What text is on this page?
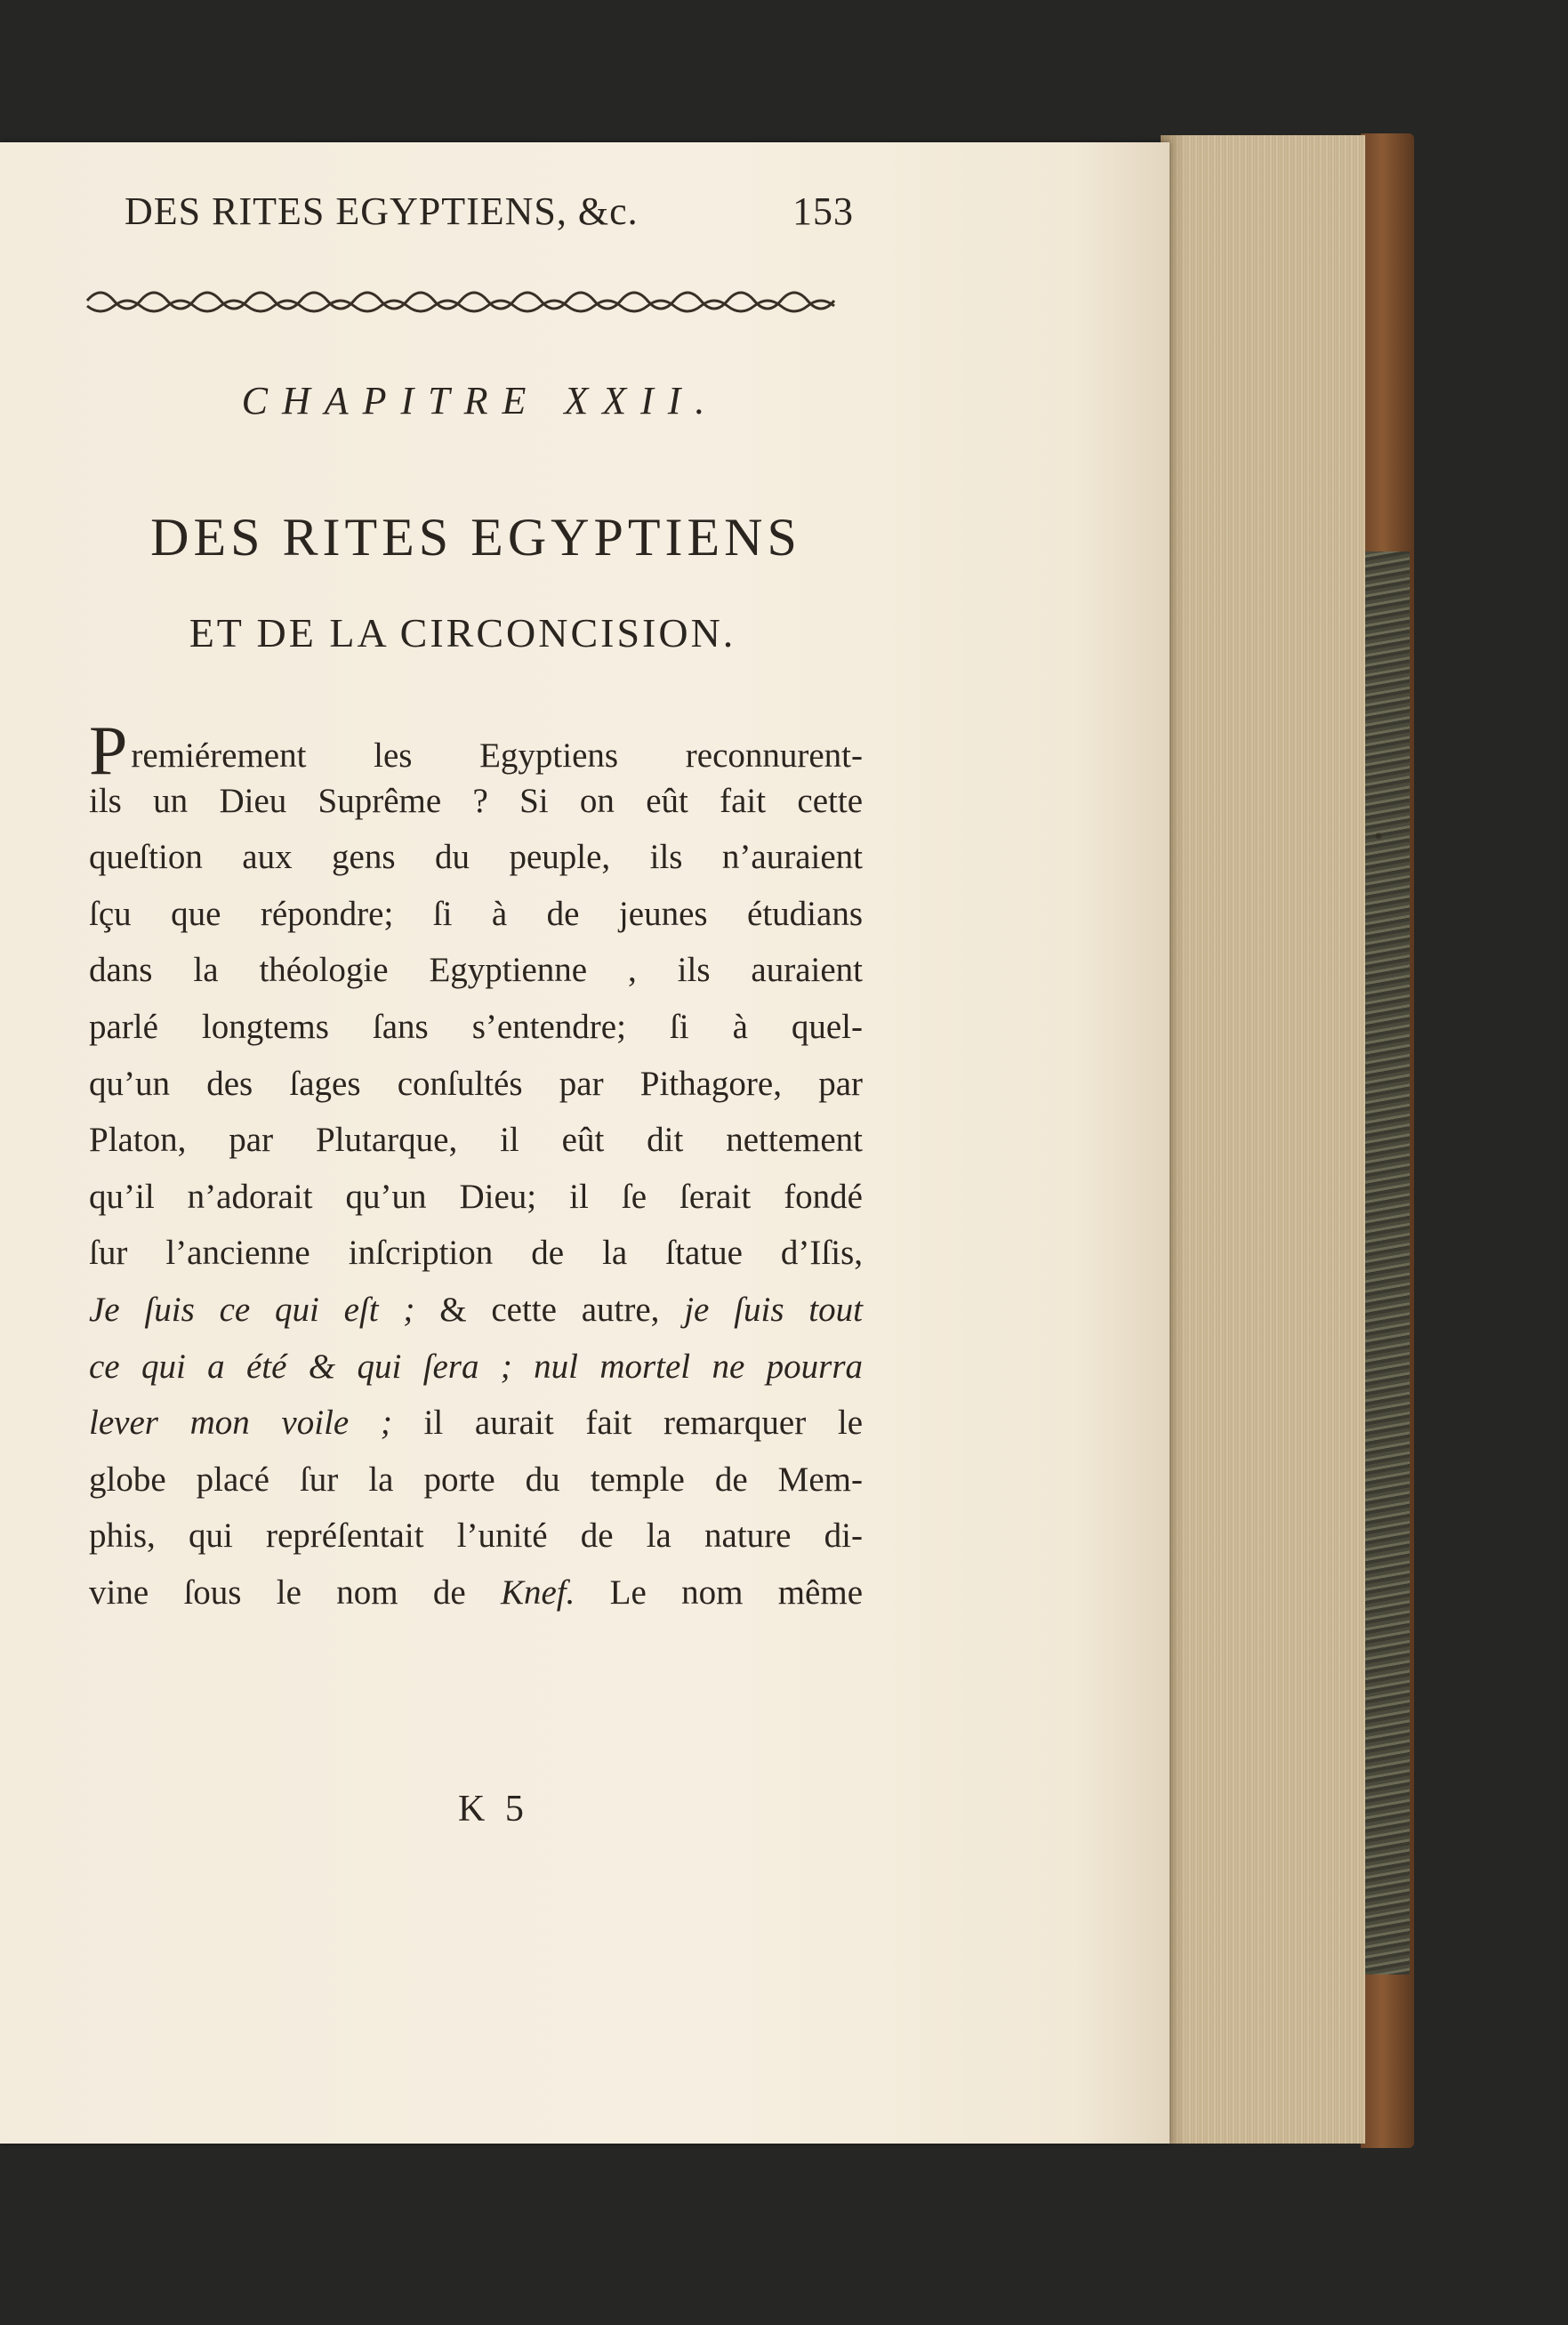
DES RITES EGYPTIENS, &c.	153
CHAPITRE XXII.
DES RITES EGYPTIENS
ET DE LA CIRCONCISION.
Premiérement les Egyptiens reconnurent-
ils un Dieu Suprême ? Si on eût fait cette
queſtion aux gens du peuple, ils n’auraient
ſçu que répondre; ſi à de jeunes étudians
dans la théologie Egyptienne , ils auraient
parlé longtems ſans s’entendre; ſi à quel-
qu’un des ſages conſultés par Pithagore, par
Platon, par Plutarque, il eût dit nettement
qu’il n’adorait qu’un Dieu; il ſe ſerait fondé
ſur l’ancienne inſcription de la ſtatue d’Iſis,
Je ſuis ce qui eſt ; & cette autre, je ſuis tout
ce qui a été & qui ſera ; nul mortel ne pourra
lever mon voile ; il aurait fait remarquer le
globe placé ſur la porte du temple de Mem-
phis, qui repréſentait l’unité de la nature di-
vine ſous le nom de Knef. Le nom même
K 5
